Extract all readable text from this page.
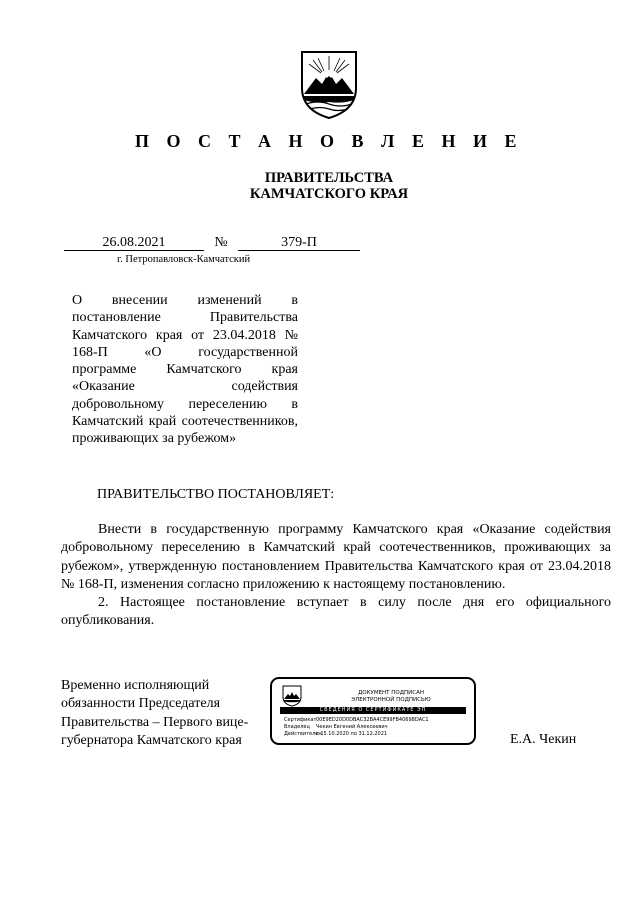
П О С Т А Н О В Л Е Н И Е
ПРАВИТЕЛЬСТВА
КАМЧАТСКОГО КРАЯ
26.08.2021	№	379-П
г. Петропавловск-Камчатский
О внесении изменений в постановление Правительства Камчатского края от 23.04.2018 № 168-П «О государственной программе Камчатского края «Оказание содействия добровольному переселению в Камчатский край соотечественников, проживающих за рубежом»
ПРАВИТЕЛЬСТВО ПОСТАНОВЛЯЕТ:

Внести в государственную программу Камчатского края «Оказание содействия добровольному переселению в Камчатский край соотечественников, проживающих за рубежом», утвержденную постановлением Правительства Камчатского края от 23.04.2018 № 168-П, изменения согласно приложению к настоящему постановлению.

2. Настоящее постановление вступает в силу после дня его официального опубликования.

Временно исполняющий обязанности Председателя Правительства – Первого вице-губернатора Камчатского края
ДОКУМЕНТ ПОДПИСАН
ЭЛЕКТРОННОЙ ПОДПИСЬЮ
СВЕДЕНИЯ О СЕРТИФИКАТЕ ЭП
Сертификат 00E9ED20D0DBAC32BA4CE99FB40698DAC1
Владелец	Чекин Евгений Алексеевич
Действителен
с 15.10.2020 по 31.12.2021	Е.А. Чекин
